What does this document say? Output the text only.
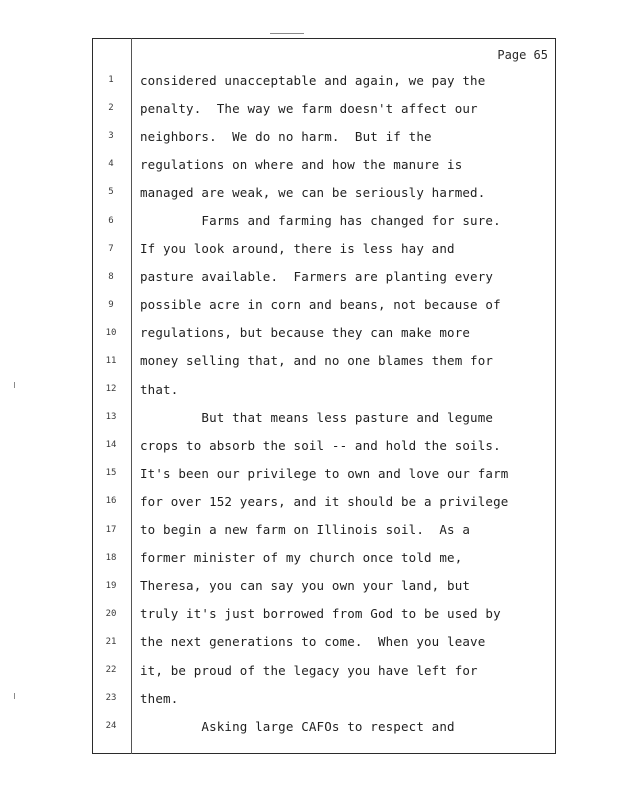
Page 65
1	considered unacceptable and again, we pay the
2	penalty.  The way we farm doesn't affect our
3	neighbors.  We do no harm.  But if the
4	regulations on where and how the manure is
5	managed are weak, we can be seriously harmed.
6	Farms and farming has changed for sure.
7	If you look around, there is less hay and
8	pasture available.  Farmers are planting every
9	possible acre in corn and beans, not because of
10	regulations, but because they can make more
11	money selling that, and no one blames them for
12	that.
13	But that means less pasture and legume
14	crops to absorb the soil -- and hold the soils.
15	It's been our privilege to own and love our farm
16	for over 152 years, and it should be a privilege
17	to begin a new farm on Illinois soil.  As a
18	former minister of my church once told me,
19	Theresa, you can say you own your land, but
20	truly it's just borrowed from God to be used by
21	the next generations to come.  When you leave
22	it, be proud of the legacy you have left for
23	them.
24	Asking large CAFOs to respect and
